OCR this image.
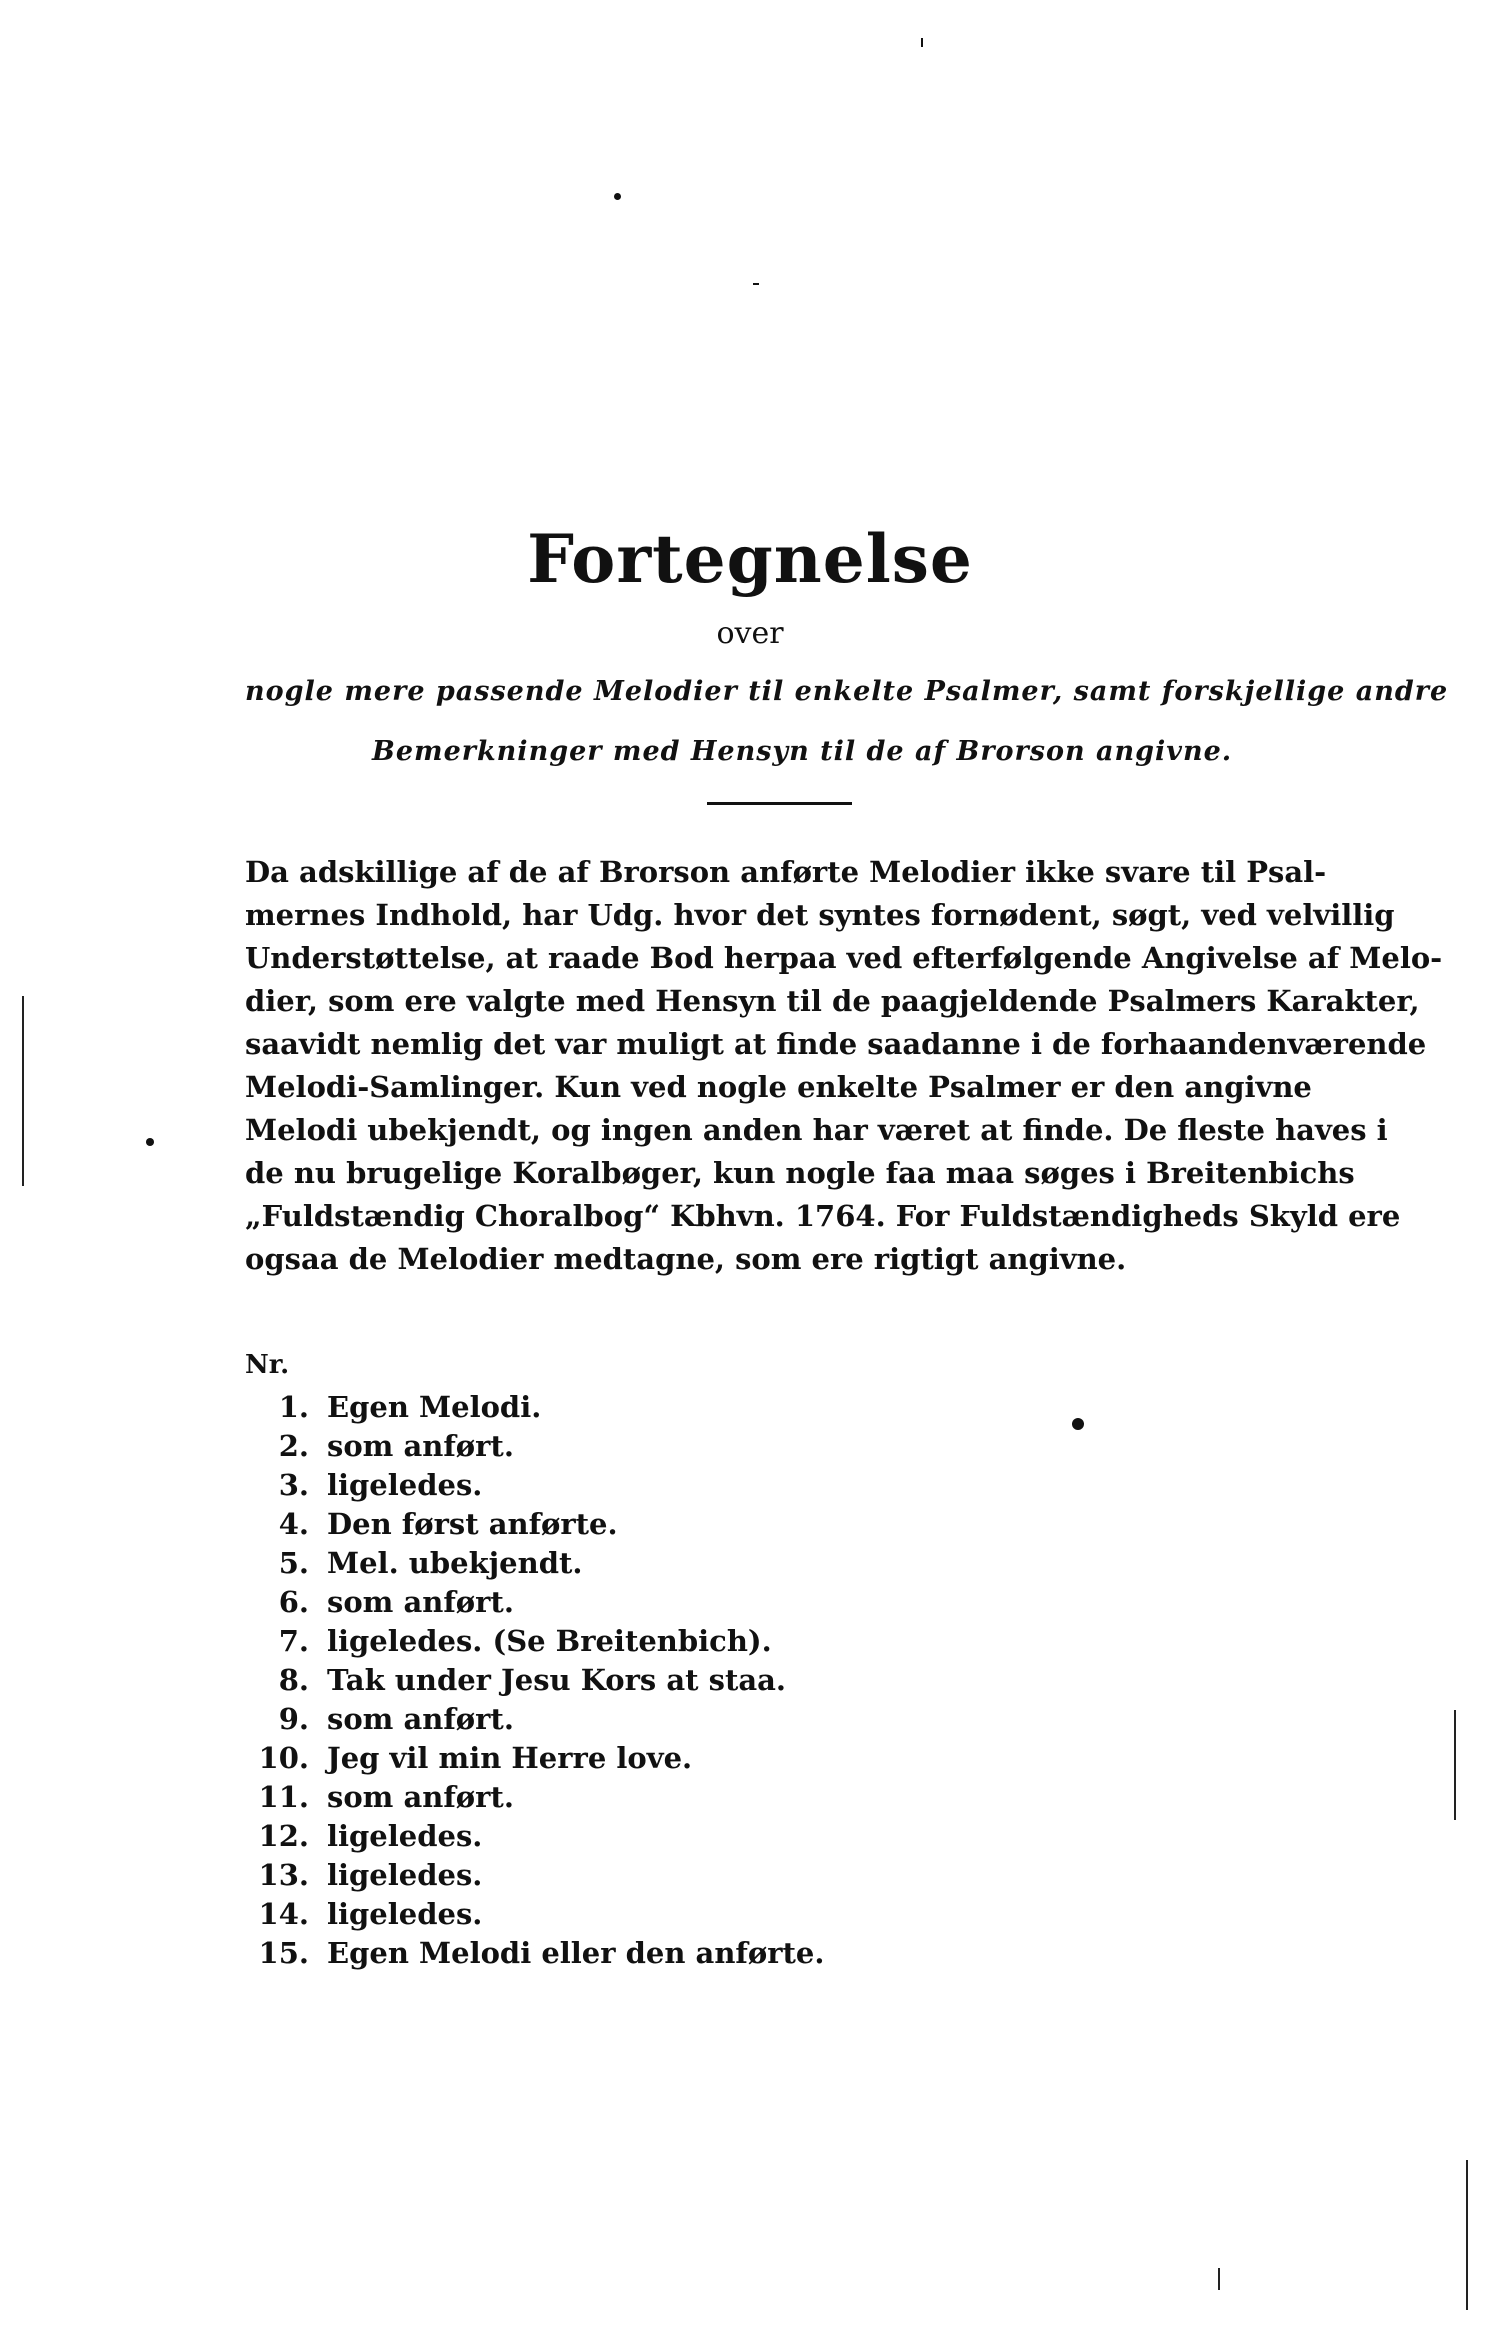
Fortegnelse
over
nogle mere passende Melodier til enkelte Psalmer, samt forskjellige andre
Bemerkninger med Hensyn til de af Brorson angivne.
Da adskillige af de af Brorson anførte Melodier ikke svare til Psal-
mernes Indhold, har Udg. hvor det syntes fornødent, søgt, ved velvillig
Understøttelse, at raade Bod herpaa ved efterfølgende Angivelse af Melo-
dier, som ere valgte med Hensyn til de paagjeldende Psalmers Karakter,
saavidt nemlig det var muligt at finde saadanne i de forhaandenværende
Melodi-Samlinger. Kun ved nogle enkelte Psalmer er den angivne
Melodi ubekjendt, og ingen anden har været at finde. De fleste haves i
de nu brugelige Koralbøger, kun nogle faa maa søges i Breitenbichs
„Fuldstændig Choralbog“ Kbhvn. 1764. For Fuldstændigheds Skyld ere
ogsaa de Melodier medtagne, som ere rigtigt angivne.
Nr.
1. Egen Melodi.
2. som anført.
3. ligeledes.
4. Den først anførte.
5. Mel. ubekjendt.
6. som anført.
7. ligeledes. (Se Breitenbich).
8. Tak under Jesu Kors at staa.
9. som anført.
10. Jeg vil min Herre love.
11. som anført.
12. ligeledes.
13. ligeledes.
14. ligeledes.
15. Egen Melodi eller den anførte.
